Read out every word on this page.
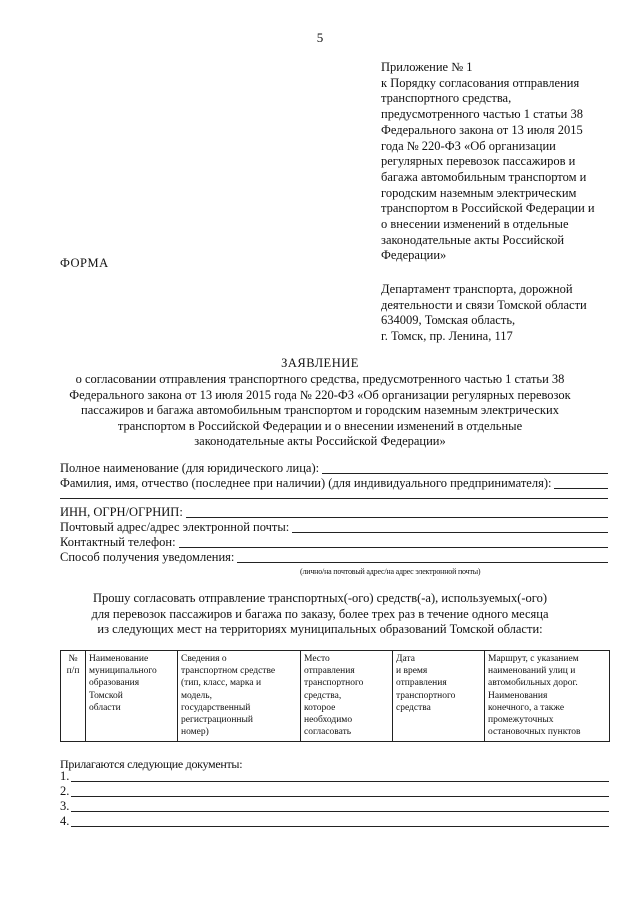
5
Приложение № 1
к Порядку согласования отправления
транспортного средства,
предусмотренного частью 1 статьи 38
Федерального закона от 13 июля 2015
года № 220-ФЗ «Об организации
регулярных перевозок пассажиров и
багажа автомобильным транспортом и
городским наземным электрическим
транспортом в Российской Федерации и
о внесении изменений в отдельные
законодательные акты Российской
Федерации»
ФОРМА
Департамент транспорта, дорожной
деятельности и связи Томской области
634009, Томская область,
г. Томск, пр. Ленина, 117
ЗАЯВЛЕНИЕ
о согласовании отправления транспортного средства, предусмотренного частью 1 статьи 38
Федерального закона от 13 июля 2015 года № 220-ФЗ «Об организации регулярных перевозок
пассажиров и багажа автомобильным транспортом и городским наземным электрических
транспортом в Российской Федерации и о внесении изменений в отдельные
законодательные акты Российской Федерации»
Полное наименование (для юридического лица):
Фамилия, имя, отчество (последнее при наличии) (для индивидуального предпринимателя):
ИНН, ОГРН/ОГРНИП:
Почтовый адрес/адрес электронной почты:
Контактный телефон:
Способ получения уведомления:
(лично/на почтовый адрес/на адрес электронной почты)
Прошу согласовать отправление транспортных(-ого) средств(-а), используемых(-ого)
для перевозок пассажиров и багажа по заказу, более трех раз в течение одного месяца
из следующих мест на территориях муниципальных образований Томской области:
№
п/п

Наименование
муниципального
образования
Томской
области

Сведения о
транспортном средстве
(тип, класс, марка и
модель,
государственный
регистрационный
номер)

Место
отправления
транспортного
средства,
которое
необходимо
согласовать

Дата
и время
отправления
транспортного
средства

Маршрут, с указанием
наименований улиц и
автомобильных дорог.
Наименования
конечного, а также
промежуточных
остановочных пунктов
Прилагаются следующие документы:
1.
2.
3.
4.
